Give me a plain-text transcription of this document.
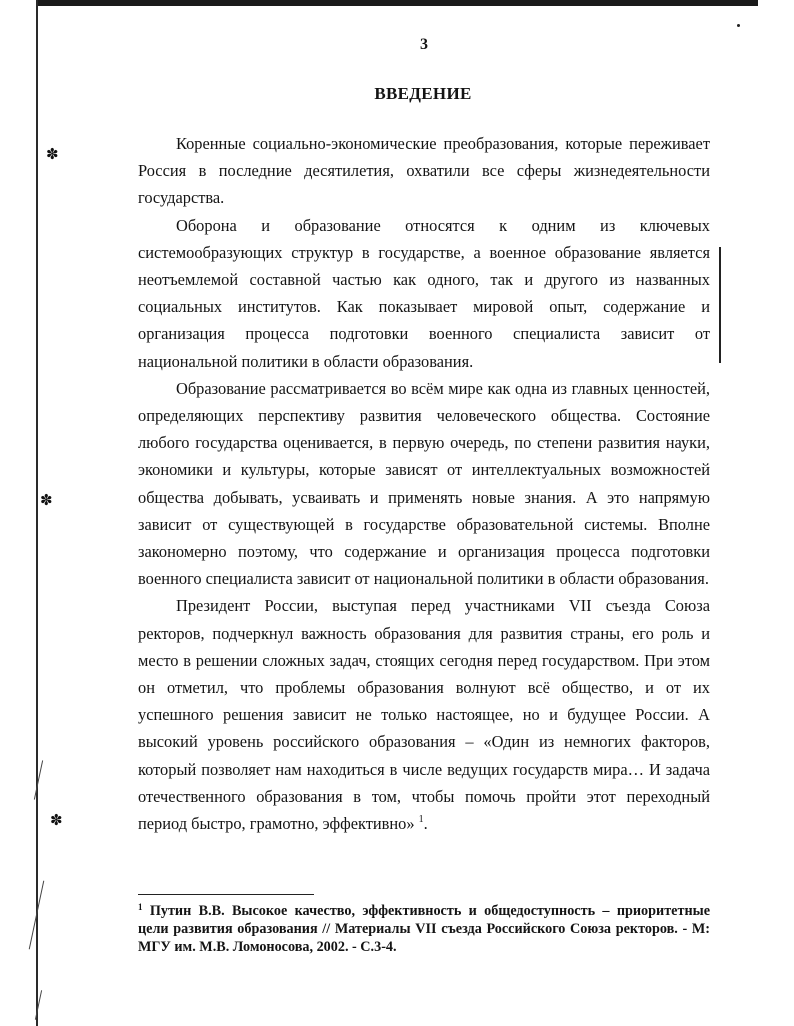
✽
✽
✽
3
ВВЕДЕНИЕ

Коренные социально-экономические преобразования, которые переживает Россия в последние десятилетия, охватили все сферы жизнедеятельности государства.

Оборона и образование относятся к одним из ключевых системообразующих структур в государстве, а военное образование является неотъемлемой составной частью как одного, так и другого из названных социальных институтов. Как показывает мировой опыт, содержание и организация процесса подготовки военного специалиста зависит от национальной политики в области образования.

Образование рассматривается во всём мире как одна из главных ценностей, определяющих перспективу развития человеческого общества. Состояние любого государства оценивается, в первую очередь, по степени развития науки, экономики и культуры, которые зависят от интеллектуальных возможностей общества добывать, усваивать и применять новые знания. А это напрямую зависит от существующей в государстве образовательной системы. Вполне закономерно поэтому, что содержание и организация процесса подготовки военного специалиста зависит от национальной политики в области образования.

Президент России, выступая перед участниками VII съезда Союза ректоров, подчеркнул важность образования для развития страны, его роль и место в решении сложных задач, стоящих сегодня перед государством. При этом он отметил, что проблемы образования волнуют всё общество, и от их успешного решения зависит не только настоящее, но и будущее России. А высокий уровень российского образования – «Один из немногих факторов, который позволяет нам находиться в числе ведущих государств мира… И задача отечественного образования в том, чтобы помочь пройти этот переходный период быстро, грамотно, эффективно» $^1$.

$^1$ Путин В.В. Высокое качество, эффективность и общедоступность – приоритетные цели развития образования // Материалы VII съезда Российского Союза ректоров. - М: МГУ им. М.В. Ломоносова, 2002. - С.3-4.
